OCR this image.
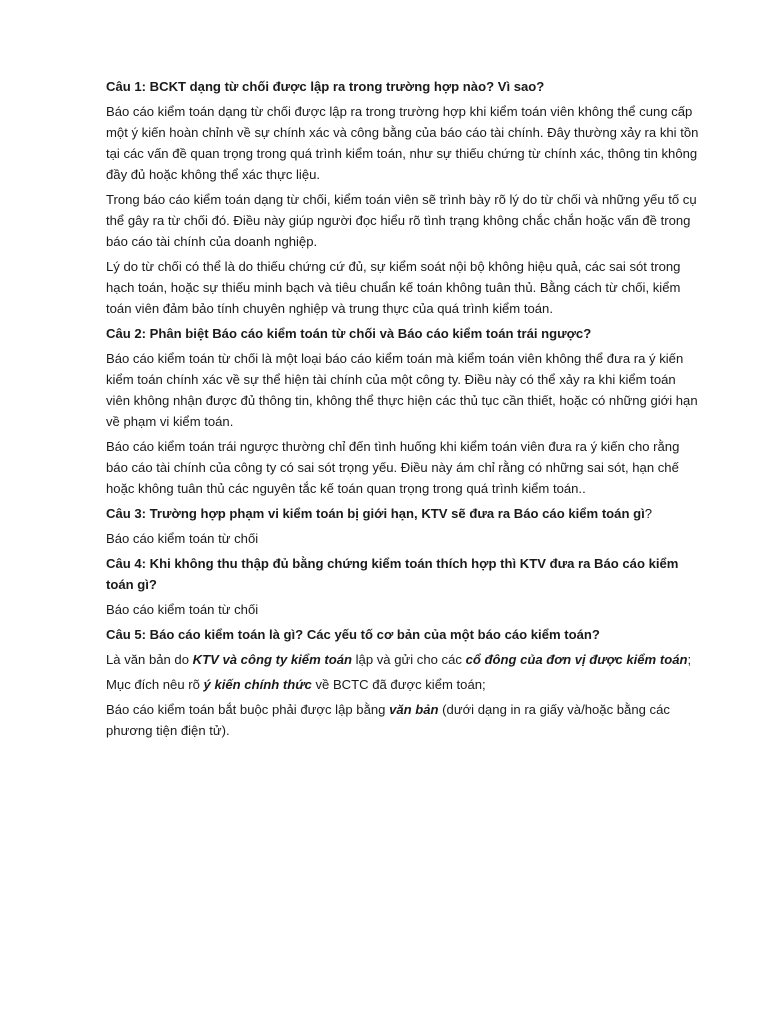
Câu 1: BCKT dạng từ chối được lập ra trong trường hợp nào? Vì sao?
Báo cáo kiểm toán dạng từ chối được lập ra trong trường hợp khi kiểm toán viên không thể cung cấp một ý kiến hoàn chỉnh về sự chính xác và công bằng của báo cáo tài chính. Đây thường xảy ra khi tồn tại các vấn đề quan trọng trong quá trình kiểm toán, như sự thiếu chứng từ chính xác, thông tin không đầy đủ hoặc không thể xác thực liệu.
Trong báo cáo kiểm toán dạng từ chối, kiểm toán viên sẽ trình bày rõ lý do từ chối và những yếu tố cụ thể gây ra từ chối đó. Điều này giúp người đọc hiểu rõ tình trạng không chắc chắn hoặc vấn đề trong báo cáo tài chính của doanh nghiệp.
Lý do từ chối có thể là do thiếu chứng cứ đủ, sự kiểm soát nội bộ không hiệu quả, các sai sót trong hạch toán, hoặc sự thiếu minh bạch và tiêu chuẩn kế toán không tuân thủ. Bằng cách từ chối, kiểm toán viên đảm bảo tính chuyên nghiệp và trung thực của quá trình kiểm toán.
Câu 2: Phân biệt Báo cáo kiểm toán từ chối và Báo cáo kiểm toán trái ngược?
Báo cáo kiểm toán từ chối là một loại báo cáo kiểm toán mà kiểm toán viên không thể đưa ra ý kiến kiểm toán chính xác về sự thể hiện tài chính của một công ty. Điều này có thể xảy ra khi kiểm toán viên không nhận được đủ thông tin, không thể thực hiện các thủ tục cần thiết, hoặc có những giới hạn về phạm vi kiểm toán.
Báo cáo kiểm toán trái ngược thường chỉ đến tình huống khi kiểm toán viên đưa ra ý kiến cho rằng báo cáo tài chính của công ty có sai sót trọng yếu. Điều này ám chỉ rằng có những sai sót, hạn chế hoặc không tuân thủ các nguyên tắc kế toán quan trọng trong quá trình kiểm toán..
Câu 3: Trường hợp phạm vi kiểm toán bị giới hạn, KTV sẽ đưa ra Báo cáo kiểm toán gì?
Báo cáo kiểm toán từ chối
Câu 4: Khi không thu thập đủ bằng chứng kiểm toán thích hợp thì KTV đưa ra Báo cáo kiểm toán gì?
Báo cáo kiểm toán từ chối
Câu 5: Báo cáo kiểm toán là gì? Các yếu tố cơ bản của một báo cáo kiểm toán?
Là văn bản do KTV và công ty kiểm toán lập và gửi cho các cổ đông của đơn vị được kiểm toán;
Mục đích nêu rõ ý kiến chính thức về BCTC đã được kiểm toán;
Báo cáo kiểm toán bắt buộc phải được lập bằng văn bản (dưới dạng in ra giấy và/hoặc bằng các phương tiện điện tử).
